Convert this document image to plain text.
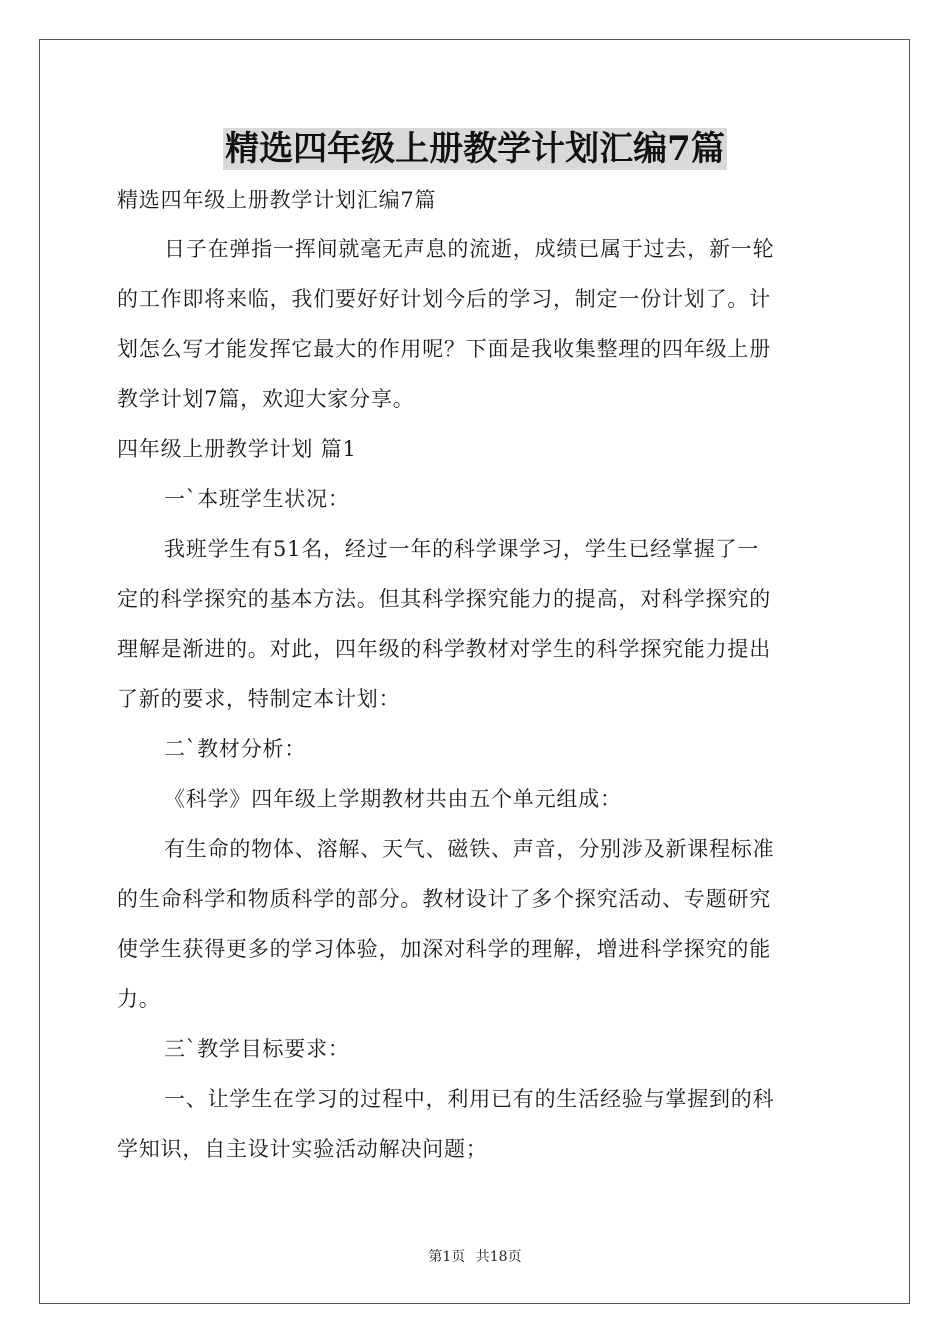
精选四年级上册教学计划汇编7篇
精选四年级上册教学计划汇编7篇
日子在弹指一挥间就毫无声息的流逝，成绩已属于过去，新一轮
的工作即将来临，我们要好好计划今后的学习，制定一份计划了。计
划怎么写才能发挥它最大的作用呢？下面是我收集整理的四年级上册
教学计划7篇，欢迎大家分享。
四年级上册教学计划 篇1
一`本班学生状况：
我班学生有51名，经过一年的科学课学习，学生已经掌握了一
定的科学探究的基本方法。但其科学探究能力的提高，对科学探究的
理解是渐进的。对此，四年级的科学教材对学生的科学探究能力提出
了新的要求，特制定本计划：
二`教材分析：
《科学》四年级上学期教材共由五个单元组成：
有生命的物体、溶解、天气、磁铁、声音，分别涉及新课程标准
的生命科学和物质科学的部分。教材设计了多个探究活动、专题研究
使学生获得更多的学习体验，加深对科学的理解，增进科学探究的能
力。
三`教学目标要求：
一、让学生在学习的过程中，利用已有的生活经验与掌握到的科
学知识，自主设计实验活动解决问题；
第1页 共18页
